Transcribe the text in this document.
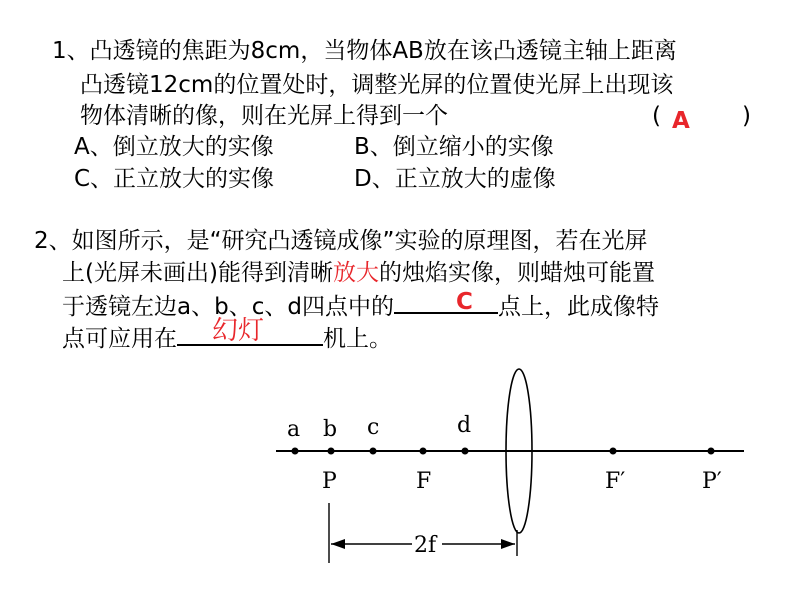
1、凸透镜的焦距为8cm，当物体AB放在该凸透镜主轴上距离
凸透镜12cm的位置处时，调整光屏的位置使光屏上出现该
物体清晰的像，则在光屏上得到一个	( A )
A、倒立放大的实像	B、倒立缩小的实像
C、正立放大的实像	D、正立放大的虚像
2、如图所示，是“研究凸透镜成像”实验的原理图，若在光屏
上(光屏未画出)能得到清晰放大的烛焰实像，则蜡烛可能置
于透镜左边a、b、c、d四点中的	点上，此成像特
C
点可应用在	机上。
幻灯
a b c	d
P	F	F′	P′
2f
